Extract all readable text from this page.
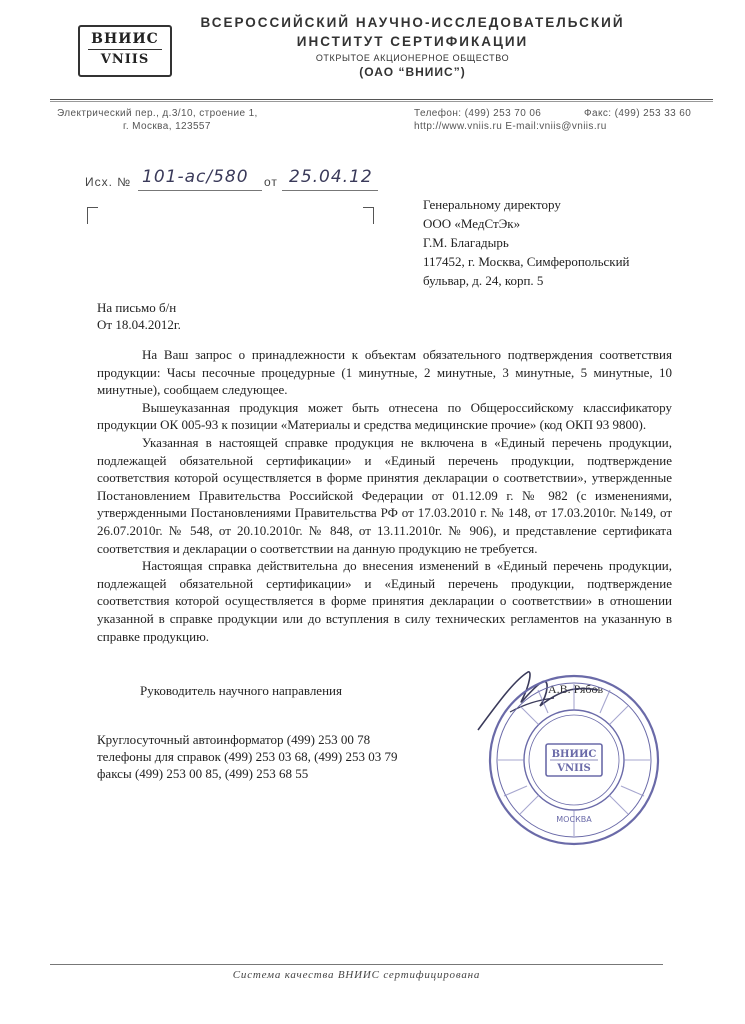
ВНИИС
VNIIS
ВСЕРОССИЙСКИЙ НАУЧНО-ИССЛЕДОВАТЕЛЬСКИЙ
ИНСТИТУТ СЕРТИФИКАЦИИ
ОТКРЫТОЕ АКЦИОНЕРНОЕ ОБЩЕСТВО
(ОАО “ВНИИС”)
Электрический пер., д.3/10, строение 1,
г. Москва, 123557
Телефон: (499) 253 70 06	Факс: (499) 253 33 60
http://www.vniis.ru E-mail:vniis@vniis.ru
Исх. № 101-ас/580 от 25.04.12
Генеральному директору
ООО «МедСтЭк»
Г.М. Благадырь
117452, г. Москва, Симферопольский
бульвар, д. 24, корп. 5
На письмо б/н
От 18.04.2012г.

На Ваш запрос о принадлежности к объектам обязательного подтверждения соответствия продукции: Часы песочные процедурные (1 минутные, 2 минутные, 3 минутные, 5 минутные, 10 минутные), сообщаем следующее.

Вышеуказанная продукция может быть отнесена по Общероссийскому классификатору продукции ОК 005-93 к позиции «Материалы и средства медицинские прочие» (код ОКП 93 9800).

Указанная в настоящей справке продукция не включена в «Единый перечень продукции, подлежащей обязательной сертификации» и «Единый перечень продукции, подтверждение соответствия которой осуществляется в форме принятия декларации о соответствии», утвержденные Постановлением Правительства Российской Федерации от 01.12.09 г. № 982 (с изменениями, утвержденными Постановлениями Правительства РФ от 17.03.2010 г. № 148, от 17.03.2010г. №149, от 26.07.2010г. № 548, от 20.10.2010г. № 848, от 13.11.2010г. № 906), и представление сертификата соответствия и декларации о соответствии на данную продукцию не требуется.

Настоящая справка действительна до внесения изменений в «Единый перечень продукции, подлежащей обязательной сертификации» и «Единый перечень продукции, подтверждение соответствия которой осуществляется в форме принятия декларации о соответствии» в отношении указанной в справке продукции или до вступления в силу технических регламентов на указанную в справке продукцию.

Руководитель научного направления	А.В. Рябов
ВНИИС
VNIIS
МОСКВА
Круглосуточный автоинформатор (499) 253 00 78
телефоны для справок (499) 253 03 68, (499) 253 03 79
факсы (499) 253 00 85, (499) 253 68 55
Система качества ВНИИС сертифицирована
